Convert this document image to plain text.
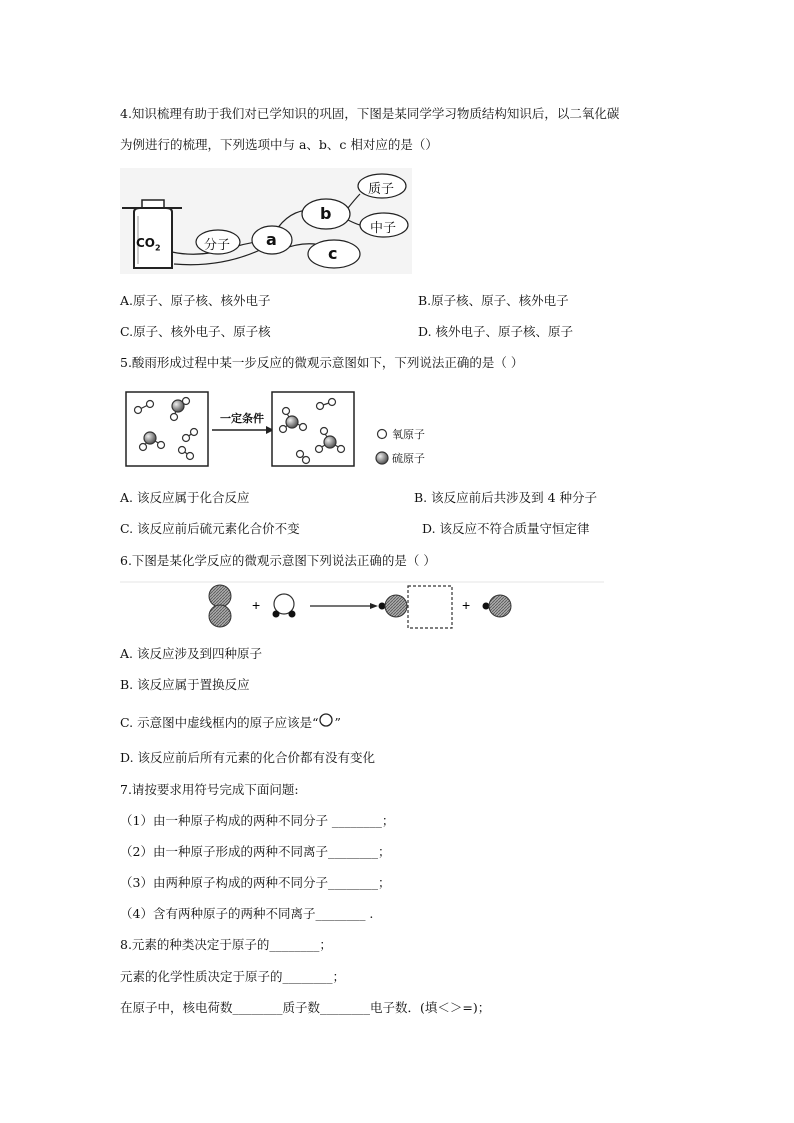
4.知识梳理有助于我们对已学知识的巩固，下图是某同学学习物质结构知识后，以二氧化碳
为例进行的梳理，下列选项中与 a、b、c 相对应的是（）
$CO_2$	分子 a
b
c
质子
中子
A.原子、原子核、核外电子	B.原子核、原子、核外电子
C.原子、核外电子、原子核	D. 核外电子、原子核、原子
5.酸雨形成过程中某一步反应的微观示意图如下，下列说法正确的是（ ）
一定条件
氧原子
硫原子
A. 该反应属于化合反应	B. 该反应前后共涉及到 4 种分子
C. 该反应前后硫元素化合价不变	D. 该反应不符合质量守恒定律
6.下图是某化学反应的微观示意图下列说法正确的是（ ）
+	+
A. 该反应涉及到四种原子
B. 该反应属于置换反应
C. 示意图中虚线框内的原子应该是“ ”
D. 该反应前后所有元素的化合价都有没有变化
7.请按要求用符号完成下面问题:
（1）由一种原子构成的两种不同分子 ________；
（2）由一种原子形成的两种不同离子________；
（3）由两种原子构成的两种不同分子________；
（4）含有两种原子的两种不同离子________ .
8.元素的种类决定于原子的________；
元素的化学性质决定于原子的________；
在原子中，核电荷数________质子数________电子数．(填＜＞=)；
